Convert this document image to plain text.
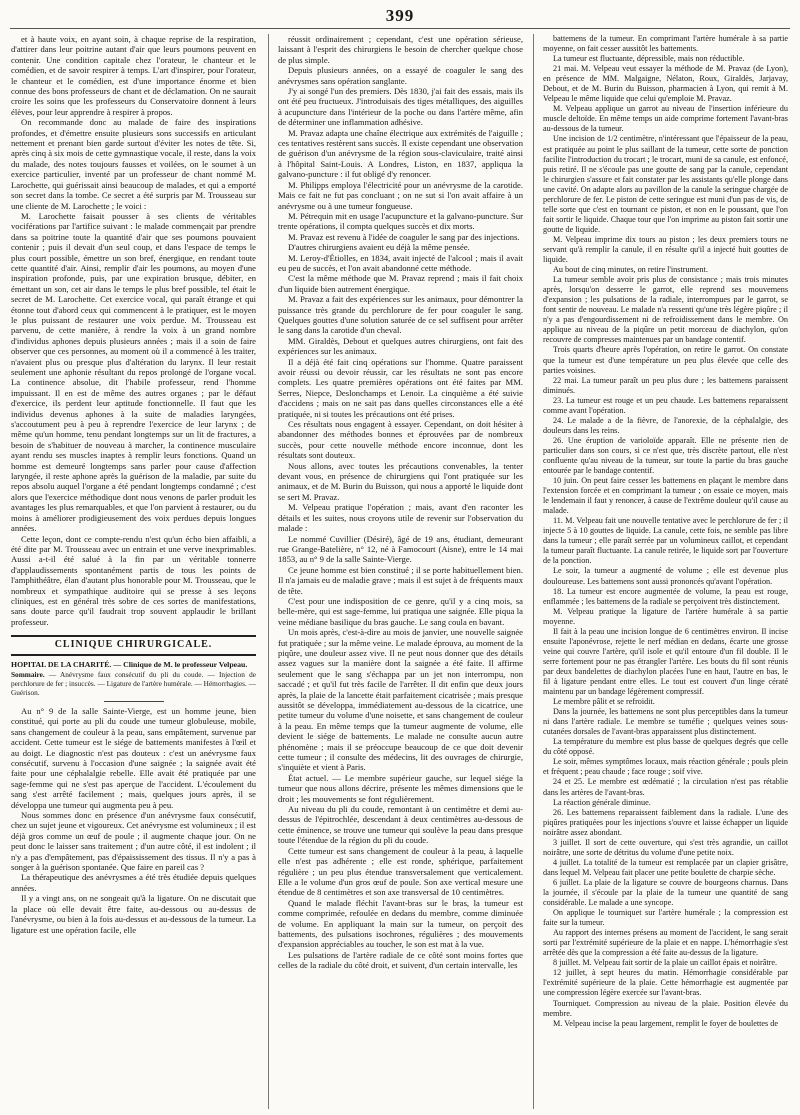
399

et à haute voix, en ayant soin, à chaque reprise de la respiration, d'attirer dans leur poitrine autant d'air que leurs poumons peuvent en contenir. Une condition capitale chez l'orateur, le chanteur et le comédien, et de savoir respirer à temps. L'art d'inspirer, pour l'orateur, le chanteur et le comédien, est d'une importance énorme et bien connue des bons professeurs de chant et de déclamation. On ne saurait croire les soins que les professeurs du Conservatoire donnent à leurs élèves, pour leur apprendre à respirer à propos.

On recommande donc au malade de faire des inspirations profondes, et d'émettre ensuite plusieurs sons successifs en articulant nettement et prenant bien garde surtout d'éviter les notes de tête. Si, après cinq à six mois de cette gymnastique vocale, il reste, dans la voix du malade, des notes toujours fausses et voilées, on le soumet à un exercice particulier, inventé par un professeur de chant nommé M. Larochette, qui guérissait ainsi beaucoup de malades, et qui a emporté son secret dans la tombe. Ce secret a été surpris par M. Trousseau sur une cliente de M. Larochette ; le voici :

M. Larochette faisait pousser à ses clients de véritables vociférations par l'artifice suivant : le malade commençait par prendre dans sa poitrine toute la quantité d'air que ses poumons pouvaient contenir ; puis il devait d'un seul coup, et dans l'espace de temps le plus court possible, émettre un son bref, énergique, en rendant toute cette quantité d'air. Ainsi, remplir d'air les poumons, au moyen d'une inspiration profonde, puis, par une expiration brusque, débiter, en émettant un son, cet air dans le temps le plus bref possible, tel était le secret de M. Larochette. Cet exercice vocal, qui paraît étrange et qui étonne tout d'abord ceux qui commencent à le pratiquer, est le moyen le plus puissant de restaurer une voix perdue. M. Trousseau est parvenu, de cette manière, à rendre la voix à un grand nombre d'individus aphones depuis plusieurs années ; mais il a soin de faire observer que ces personnes, au moment où il a commencé à les traiter, n'avaient plus ou presque plus d'altération du larynx. Il leur restait seulement une aphonie résultant du repos prolongé de l'organe vocal. La continence absolue, dit l'habile professeur, rend l'homme impuissant. Il en est de même des autres organes ; par le défaut d'exercice, ils perdent leur aptitude fonctionnelle. Il faut que les individus devenus aphones à la suite de maladies laryngées, s'accoutument peu à peu à reprendre l'exercice de leur larynx ; de même qu'un homme, tenu pendant longtemps sur un lit de fractures, a besoin de s'habituer de nouveau à marcher, la continence musculaire ayant rendu ses muscles inaptes à remplir leurs fonctions. Quand un homme est demeuré longtemps sans parler pour cause d'affection laryngée, il reste aphone après la guérison de la maladie, par suite du repos absolu auquel l'organe a été pendant longtemps condamné ; c'est alors que l'exercice méthodique dont nous venons de parler produit les avantages les plus remarquables, et que l'on parvient à restaurer, ou du moins à améliorer prodigieusement des voix perdues depuis longues années.

Cette leçon, dont ce compte-rendu n'est qu'un écho bien affaibli, a été dite par M. Trousseau avec un entrain et une verve inexprimables. Aussi a-t-il été salué à la fin par un véritable tonnerre d'applaudissements spontanément partis de tous les points de l'amphithéâtre, élan d'autant plus honorable pour M. Trousseau, que le nombreux et sympathique auditoire qui se presse à ses leçons cliniques, est en général très sobre de ces sortes de manifestations, sans doute parce qu'il faudrait trop souvent applaudir le brillant professeur.

CLINIQUE CHIRURGICALE.

HOPITAL DE LA CHARITÉ. — Clinique de M. le professeur Velpeau.

Sommaire. — Anévrysme faux consécutif du pli du coude. — Injection de perchlorure de fer ; insuccès. — Ligature de l'artère humérale. — Hémorrhagies. — Guérison.

Au n° 9 de la salle Sainte-Vierge, est un homme jeune, bien constitué, qui porte au pli du coude une tumeur globuleuse, mobile, sans changement de couleur à la peau, sans empâtement, survenue par accident. Cette tumeur est le siége de battements manifestes à l'œil et au doigt. Le diagnostic n'est pas douteux : c'est un anévrysme faux consécutif, survenu à l'occasion d'une saignée ; la saignée avait été faite pour une céphalalgie rebelle. Elle avait été pratiquée par une sage-femme qui ne s'est pas aperçue de l'accident. L'écoulement du sang s'est arrêté facilement ; mais, quelques jours après, il se développa une tumeur qui augmenta peu à peu.

Nous sommes donc en présence d'un anévrysme faux consécutif, chez un sujet jeune et vigoureux. Cet anévrysme est volumineux ; il est déjà gros comme un œuf de poule ; il augmente chaque jour. On ne peut donc le laisser sans traitement ; d'un autre côté, il est indolent ; il n'y a pas d'empâtement, pas d'épaississement des tissus. Il n'y a pas à songer à la guérison spontanée. Que faire en pareil cas ?

La thérapeutique des anévrysmes a été très étudiée depuis quelques années.

Il y a vingt ans, on ne songeait qu'à la ligature. On ne discutait que la place où elle devait être faite, au-dessous ou au-dessus de l'anévrysme, ou bien à la fois au-dessus et au-dessous de la tumeur. La ligature est une opération facile, elle

réussit ordinairement ; cependant, c'est une opération sérieuse, laissant à l'esprit des chirurgiens le besoin de chercher quelque chose de plus simple.

Depuis plusieurs années, on a essayé de coaguler le sang des anévrysmes sans opération sanglante.

J'y ai songé l'un des premiers. Dès 1830, j'ai fait des essais, mais ils ont été peu fructueux. J'introduisais des tiges métalliques, des aiguilles à acupuncture dans l'intérieur de la poche ou dans l'artère même, afin de déterminer une inflammation adhésive.

M. Pravaz adapta une chaîne électrique aux extrémités de l'aiguille ; ces tentatives restèrent sans succès. Il existe cependant une observation de guérison d'un anévrysme de la région sous-claviculaire, traité ainsi à l'hôpital Saint-Louis. A Londres, Liston, en 1837, appliqua la galvano-puncture : il fut obligé d'y renoncer.

M. Philipps employa l'électricité pour un anévrysme de la carotide. Mais ce fait ne fut pas concluant ; on ne sut si l'on avait affaire à un anévrysme ou à une tumeur fongueuse.

M. Pétrequin mit en usage l'acupuncture et la galvano-puncture. Sur trente opérations, il compta quelques succès et dix morts.

M. Pravaz est revenu à l'idée de coaguler le sang par des injections.

D'autres chirurgiens avaient eu déjà la même pensée.

M. Leroy-d'Étiolles, en 1834, avait injecté de l'alcool ; mais il avait eu peu de succès, et l'on avait abandonné cette méthode.

C'est la même méthode que M. Pravaz reprend ; mais il fait choix d'un liquide bien autrement énergique.

M. Pravaz a fait des expériences sur les animaux, pour démontrer la puissance très grande du perchlorure de fer pour coaguler le sang. Quelques gouttes d'une solution saturée de ce sel suffisent pour arrêter le sang dans la carotide d'un cheval.

MM. Giraldès, Debout et quelques autres chirurgiens, ont fait des expériences sur les animaux.

Il a déjà été fait cinq opérations sur l'homme. Quatre paraissent avoir réussi ou devoir réussir, car les résultats ne sont pas encore complets. Les quatre premières opérations ont été faites par MM. Serres, Niepce, Deslonchamps et Lenoir. La cinquième a été suivie d'accidens ; mais on ne sait pas dans quelles circonstances elle a été pratiquée, ni si toutes les précautions ont été prises.

Ces résultats nous engagent à essayer. Cependant, on doit hésiter à abandonner des méthodes bonnes et éprouvées par de nombreux succès, pour cette nouvelle méthode encore inconnue, dont les résultats sont douteux.

Nous allons, avec toutes les précautions convenables, la tenter devant vous, en présence de chirurgiens qui l'ont pratiquée sur les animaux, et de M. Burin du Buisson, qui nous a apporté le liquide dont se sert M. Pravaz.

M. Velpeau pratique l'opération ; mais, avant d'en raconter les détails et les suites, nous croyons utile de revenir sur l'observation du malade :

Le nommé Cuvillier (Désiré), âgé de 19 ans, étudiant, demeurant rue Grange-Batelière, n° 12, né à Famocourt (Aisne), entre le 14 mai 1853, au n° 9 de la salle Sainte-Vierge.

Ce jeune homme est bien constitué ; il se porte habituellement bien. Il n'a jamais eu de maladie grave ; mais il est sujet à de fréquents maux de tête.

C'est pour une indisposition de ce genre, qu'il y a cinq mois, sa belle-mère, qui est sage-femme, lui pratiqua une saignée. Elle piqua la veine médiane basilique du bras gauche. Le sang coula en bavant.

Un mois après, c'est-à-dire au mois de janvier, une nouvelle saignée fut pratiquée ; sur la même veine. Le malade éprouva, au moment de la piqûre, une douleur assez vive. Il ne peut nous donner que des détails assez vagues sur la manière dont la saignée a été faite. Il affirme seulement que le sang s'échappa par un jet non interrompu, non saccadé ; et qu'il fut très facile de l'arrêter. Il dit enfin que deux jours après, la plaie de la lancette était parfaitement cicatrisée ; mais presque aussitôt se développa, immédiatement au-dessous de la cicatrice, une petite tumeur du volume d'une noisette, et sans changement de couleur à la peau. En même temps que la tumeur augmente de volume, elle devient le siége de battements. Le malade ne consulte aucun autre phénomène ; mais il se préoccupe beaucoup de ce que doit devenir cette tumeur ; il consulte des médecins, lit des ouvrages de chirurgie, s'inquiète et vient à Paris.

État actuel. — Le membre supérieur gauche, sur lequel siége la tumeur que nous allons décrire, présente les mêmes dimensions que le droit ; les mouvements se font régulièrement.

Au niveau du pli du coude, remontant à un centimètre et demi au-dessus de l'épitrochlée, descendant à deux centimètres au-dessous de cette éminence, se trouve une tumeur qui soulève la peau dans presque toute l'étendue de la région du pli du coude.

Cette tumeur est sans changement de couleur à la peau, à laquelle elle n'est pas adhérente ; elle est ronde, sphérique, parfaitement régulière ; un peu plus étendue transversalement que verticalement. Elle a le volume d'un gros œuf de poule. Son axe vertical mesure une étendue de 8 centimètres et son axe transversal de 10 centimètres.

Quand le malade fléchit l'avant-bras sur le bras, la tumeur est comme comprimée, refoulée en dedans du membre, comme diminuée de volume. En appliquant la main sur la tumeur, on perçoit des battements, des pulsations isochrones, régulières ; des mouvements d'expansion appréciables au toucher, le son est mat à la vue.

Les pulsations de l'artère radiale de ce côté sont moins fortes que celles de la radiale du côté droit, et suivent, d'un certain intervalle, les

battemens de la tumeur. En comprimant l'artère humérale à sa partie moyenne, on fait cesser aussitôt les battements.

La tumeur est fluctuante, dépressible, mais non réductible.

21 mai. M. Velpeau veut essayer la méthode de M. Pravaz (de Lyon), en présence de MM. Malgaigne, Nélaton, Roux, Giraldès, Jarjavay, Debout, et de M. Burin du Buisson, pharmacien à Lyon, qui remit à M. Velpeau le même liquide que celui qu'emploie M. Pravaz.

M. Velpeau applique un garrot au niveau de l'insertion inférieure du muscle deltoïde. En même temps un aide comprime fortement l'avant-bras au-dessous de la tumeur.

Une incision de 1/2 centimètre, n'intéressant que l'épaisseur de la peau, est pratiquée au point le plus saillant de la tumeur, cette sorte de ponction facilite l'introduction du trocart ; le trocart, muni de sa canule, est enfoncé, puis retiré. Il ne s'écoule pas une goutte de sang par la canule, cependant le chirurgien s'assure et fait constater par les assistants qu'elle plonge dans une cavité. On adapte alors au pavillon de la canule la seringue chargée de perchlorure de fer. Le piston de cette seringue est muni d'un pas de vis, de telle sorte que c'est en tournant ce piston, et non en le poussant, que l'on fait sortir le liquide. Chaque tour que l'on imprime au piston fait sortir une goutte de liquide.

M. Velpeau imprime dix tours au piston ; les deux premiers tours ne servant qu'à remplir la canule, il en résulte qu'il a injecté huit gouttes de liquide.

Au bout de cinq minutes, on retire l'instrument.

La tumeur semble avoir pris plus de consistance ; mais trois minutes après, lorsqu'on desserre le garrot, elle reprend ses mouvemens d'expansion ; les pulsations de la radiale, interrompues par le garrot, se font sentir de nouveau. Le malade n'a ressenti qu'une très légère piqûre ; il n'y a pas d'engourdissement ni de refroidissement dans le membre. On applique au niveau de la piqûre un petit morceau de diachylon, qu'on recouvre de compresses maintenues par un bandage contentif.

Trois quarts d'heure après l'opération, on retire le garrot. On constate que la tumeur est d'une température un peu plus élevée que celle des parties voisines.

22 mai. La tumeur paraît un peu plus dure ; les battemens paraissent diminués.

23. La tumeur est rouge et un peu chaude. Les battemens reparaissent comme avant l'opération.

24. Le malade a de la fièvre, de l'anorexie, de la céphalalgie, des douleurs dans les reins.

26. Une éruption de varioloïde apparaît. Elle ne présente rien de particulier dans son cours, si ce n'est que, très discrète partout, elle n'est confluente qu'au niveau de la tumeur, sur toute la partie du bras gauche entourée par le bandage contentif.

10 juin. On peut faire cesser les battemens en plaçant le membre dans l'extension forcée et en comprimant la tumeur ; on essaie ce moyen, mais le lendemain il faut y renoncer, à cause de l'extrême douleur qu'il cause au malade.

11. M. Velpeau fait une nouvelle tentative avec le perchlorure de fer ; il injecte 5 à 10 gouttes de liquide. La canule, cette fois, ne semble pas libre dans la tumeur ; elle paraît serrée par un volumineux caillot, et cependant la tumeur paraît fluctuante. La canule retirée, le liquide sort par l'ouverture de la ponction.

Le soir, la tumeur a augmenté de volume ; elle est devenue plus douloureuse. Les battemens sont aussi prononcés qu'avant l'opération.

18. La tumeur est encore augmentée de volume, la peau est rouge, enflammée ; les battemens de la radiale se perçoivent très distinctement.

M. Velpeau pratique la ligature de l'artère humérale à sa partie moyenne.

Il fait à la peau une incision longue de 6 centimètres environ. Il incise ensuite l'aponévrose, rejette le nerf médian en dedans, écarte une grosse veine qui couvre l'artère, qu'il isole et qu'il entoure d'un fil double. Il le serre fortement pour ne pas étrangler l'artère. Les bouts du fil sont réunis par deux bandelettes de diachylon placées l'une en haut, l'autre en bas, le fil à ligature pendant entre elles. Le tout est couvert d'un linge cératé maintenu par un bandage légèrement compressif.

Le membre pâlit et se refroidit.

Dans la journée, les battemens ne sont plus perceptibles dans la tumeur ni dans l'artère radiale. Le membre se tuméfie ; quelques veines sous-cutanées dorsales de l'avant-bras apparaissent plus distinctement.

La température du membre est plus basse de quelques degrés que celle du côté opposé.

Le soir, mêmes symptômes locaux, mais réaction générale ; pouls plein et fréquent ; peau chaude ; face rouge ; soif vive.

24 et 25. Le membre est œdématié ; la circulation n'est pas rétablie dans les artères de l'avant-bras.

La réaction générale diminue.

26. Les battemens reparaissent faiblement dans la radiale. L'une des piqûres pratiquées pour les injections s'ouvre et laisse échapper un liquide noirâtre assez abondant.

3 juillet. Il sort de cette ouverture, qui s'est très agrandie, un caillot noirâtre, une sorte de détritus du volume d'une petite noix.

4 juillet. La totalité de la tumeur est remplacée par un clapier grisâtre, dans lequel M. Velpeau fait placer une petite boulette de charpie sèche.

6 juillet. La plaie de la ligature se couvre de bourgeons charnus. Dans la journée, il s'écoule par la plaie de la tumeur une quantité de sang considérable. Le malade a une syncope.

On applique le tourniquet sur l'artère humérale ; la compression est faite sur la tumeur.

Au rapport des internes présens au moment de l'accident, le sang serait sorti par l'extrémité supérieure de la plaie et en nappe. L'hémorrhagie s'est arrêtée dès que la compression a été faite au-dessus de la ligature.

8 juillet. M. Velpeau fait sortir de la plaie un caillot épais et noirâtre.

12 juillet, à sept heures du matin. Hémorrhagie considérable par l'extrémité supérieure de la plaie. Cette hémorrhagie est augmentée par une compression légère exercée sur l'avant-bras.

Tourniquet. Compression au niveau de la plaie. Position élevée du membre.

M. Velpeau incise la peau largement, remplit le foyer de boulettes de
